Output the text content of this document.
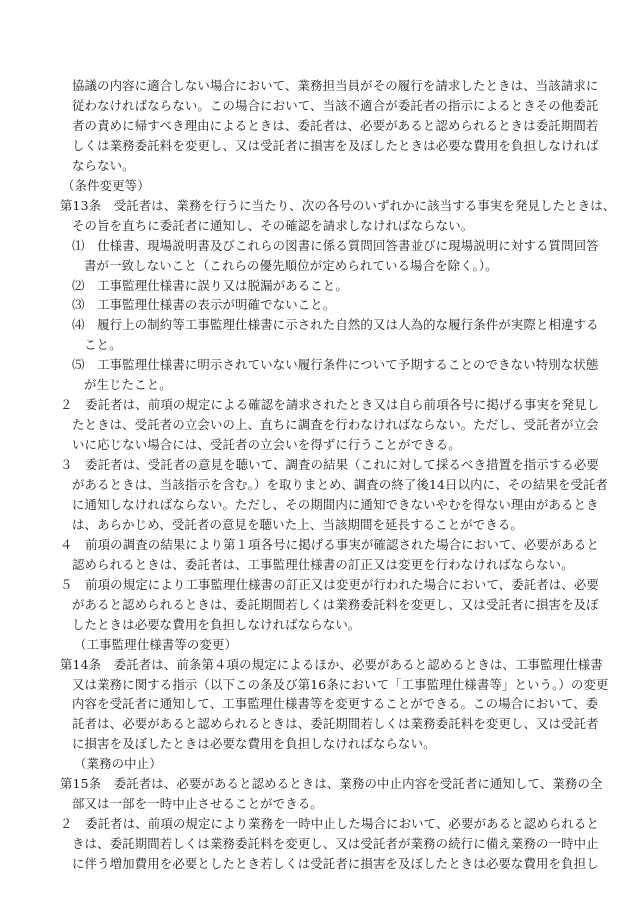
協議の内容に適合しない場合において、業務担当員がその履行を請求したときは、当該請求に
従わなければならない。この場合において、当該不適合が委託者の指示によるときその他委託
者の責めに帰すべき理由によるときは、委託者は、必要があると認められるときは委託期間若
しくは業務委託料を変更し、又は受託者に損害を及ぼしたときは必要な費用を負担しなければ
ならない。
（条件変更等）
第13条　受託者は、業務を行うに当たり、次の各号のいずれかに該当する事実を発見したときは、
その旨を直ちに委託者に通知し、その確認を請求しなければならない。
⑴　仕様書、現場説明書及びこれらの図書に係る質問回答書並びに現場説明に対する質問回答
書が一致しないこと（これらの優先順位が定められている場合を除く。）。
⑵　工事監理仕様書に誤り又は脱漏があること。
⑶　工事監理仕様書の表示が明確でないこと。
⑷　履行上の制約等工事監理仕様書に示された自然的又は人為的な履行条件が実際と相違する
こと。
⑸　工事監理仕様書に明示されていない履行条件について予期することのできない特別な状態
が生じたこと。
２　委託者は、前項の規定による確認を請求されたとき又は自ら前項各号に掲げる事実を発見し
たときは、受託者の立会いの上、直ちに調査を行わなければならない。ただし、受託者が立会
いに応じない場合には、受託者の立会いを得ずに行うことができる。
３　委託者は、受託者の意見を聴いて、調査の結果（これに対して採るべき措置を指示する必要
があるときは、当該指示を含む。）を取りまとめ、調査の終了後14日以内に、その結果を受託者
に通知しなければならない。ただし、その期間内に通知できないやむを得ない理由があるとき
は、あらかじめ、受託者の意見を聴いた上、当該期間を延長することができる。
４　前項の調査の結果により第１項各号に掲げる事実が確認された場合において、必要があると
認められるときは、委託者は、工事監理仕様書の訂正又は変更を行わなければならない。
５　前項の規定により工事監理仕様書の訂正又は変更が行われた場合において、委託者は、必要
があると認められるときは、委託期間若しくは業務委託料を変更し、又は受託者に損害を及ぼ
したときは必要な費用を負担しなければならない。
（工事監理仕様書等の変更）
第14条　委託者は、前条第４項の規定によるほか、必要があると認めるときは、工事監理仕様書
又は業務に関する指示（以下この条及び第16条において「工事監理仕様書等」という。）の変更
内容を受託者に通知して、工事監理仕様書等を変更することができる。この場合において、委
託者は、必要があると認められるときは、委託期間若しくは業務委託料を変更し、又は受託者
に損害を及ぼしたときは必要な費用を負担しなければならない。
（業務の中止）
第15条　委託者は、必要があると認めるときは、業務の中止内容を受託者に通知して、業務の全
部又は一部を一時中止させることができる。
２　委託者は、前項の規定により業務を一時中止した場合において、必要があると認められると
きは、委託期間若しくは業務委託料を変更し、又は受託者が業務の続行に備え業務の一時中止
に伴う増加費用を必要としたとき若しくは受託者に損害を及ぼしたときは必要な費用を負担し
